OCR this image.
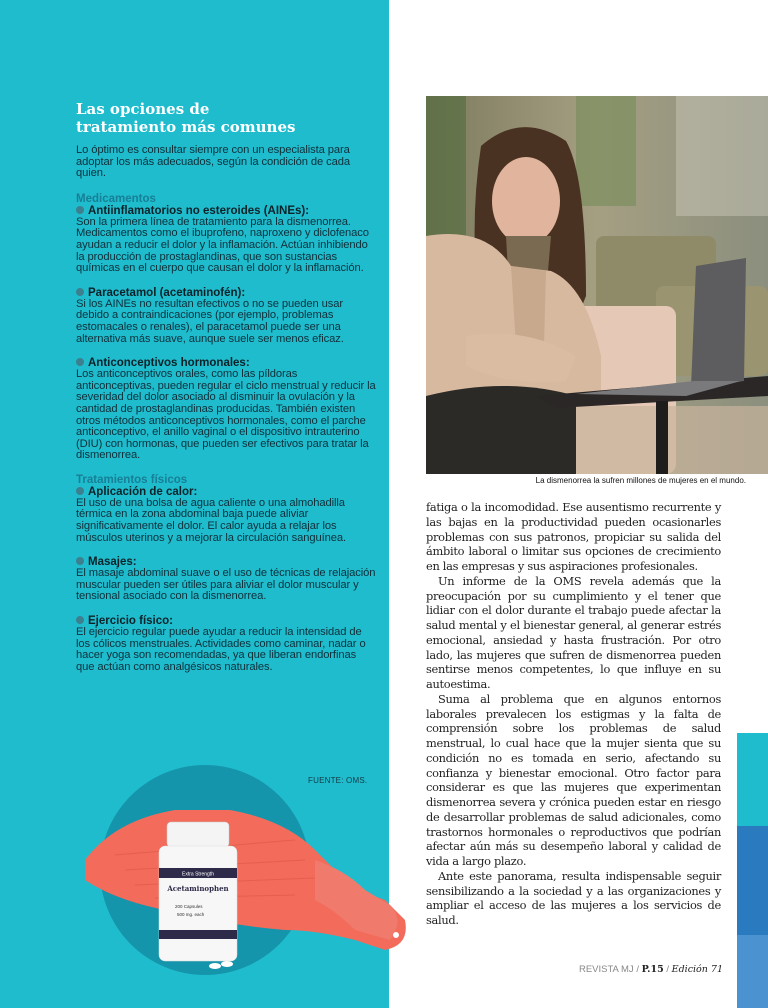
Las opciones de
tratamiento más comunes

Lo óptimo es consultar siempre con un especialista para adoptar los más adecuados, según la condición de cada quien.

Medicamentos

Antiinflamatorios no esteroides (AINEs):
Son la primera línea de tratamiento para la dismenorrea. Medicamentos como el ibuprofeno, naproxeno y diclofenaco ayudan a reducir el dolor y la inflamación. Actúan inhibiendo la producción de prostaglandinas, que son sustancias químicas en el cuerpo que causan el dolor y la inflamación.
Paracetamol (acetaminofén):
Si los AINEs no resultan efectivos o no se pueden usar debido a contraindicaciones (por ejemplo, problemas estomacales o renales), el paracetamol puede ser una alternativa más suave, aunque suele ser menos eficaz.
Anticonceptivos hormonales:
Los anticonceptivos orales, como las píldoras anticonceptivas, pueden regular el ciclo menstrual y reducir la severidad del dolor asociado al disminuir la ovulación y la cantidad de prostaglandinas producidas. También existen otros métodos anticonceptivos hormonales, como el parche anticonceptivo, el anillo vaginal o el dispositivo intrauterino (DIU) con hormonas, que pueden ser efectivos para tratar la dismenorrea.

Tratamientos físicos

Aplicación de calor:
El uso de una bolsa de agua caliente o una almohadilla térmica en la zona abdominal baja puede aliviar significativamente el dolor. El calor ayuda a relajar los músculos uterinos y a mejorar la circulación sanguínea.
Masajes:
El masaje abdominal suave o el uso de técnicas de relajación muscular pueden ser útiles para aliviar el dolor muscular y tensional asociado con la dismenorrea.
Ejercicio físico:
El ejercicio regular puede ayudar a reducir la intensidad de los cólicos menstruales. Actividades como caminar, nadar o hacer yoga son recomendadas, ya que liberan endorfinas que actúan como analgésicos naturales.
FUENTE: OMS.
Extra Strength
Acetaminophen
200 Capsules
500 mg. each
La dismenorrea la sufren millones de mujeres en el mundo.

fatiga o la incomodidad. Ese ausentismo recurrente y las bajas en la productividad pueden ocasionarles problemas con sus patronos, propiciar su salida del ámbito laboral o limitar sus opciones de crecimiento en las empresas y sus aspiraciones profesionales.

Un informe de la OMS revela además que la preocupación por su cumplimiento y el tener que lidiar con el dolor durante el trabajo puede afectar la salud mental y el bienestar general, al generar estrés emocional, ansiedad y hasta frustración. Por otro lado, las mujeres que sufren de dismenorrea pueden sentirse menos competentes, lo que influye en su autoestima.

Suma al problema que en algunos entornos laborales prevalecen los estigmas y la falta de comprensión sobre los problemas de salud menstrual, lo cual hace que la mujer sienta que su condición no es tomada en serio, afectando su confianza y bienestar emocional. Otro factor para considerar es que las mujeres que experimentan dismenorrea severa y crónica pueden estar en riesgo de desarrollar problemas de salud adicionales, como trastornos hormonales o reproductivos que podrían afectar aún más su desempeño laboral y calidad de vida a largo plazo.

Ante este panorama, resulta indispensable seguir sensibilizando a la sociedad y a las organizaciones y ampliar el acceso de las mujeres a los servicios de salud.

REVISTA MJ / P.15 / Edición 71
